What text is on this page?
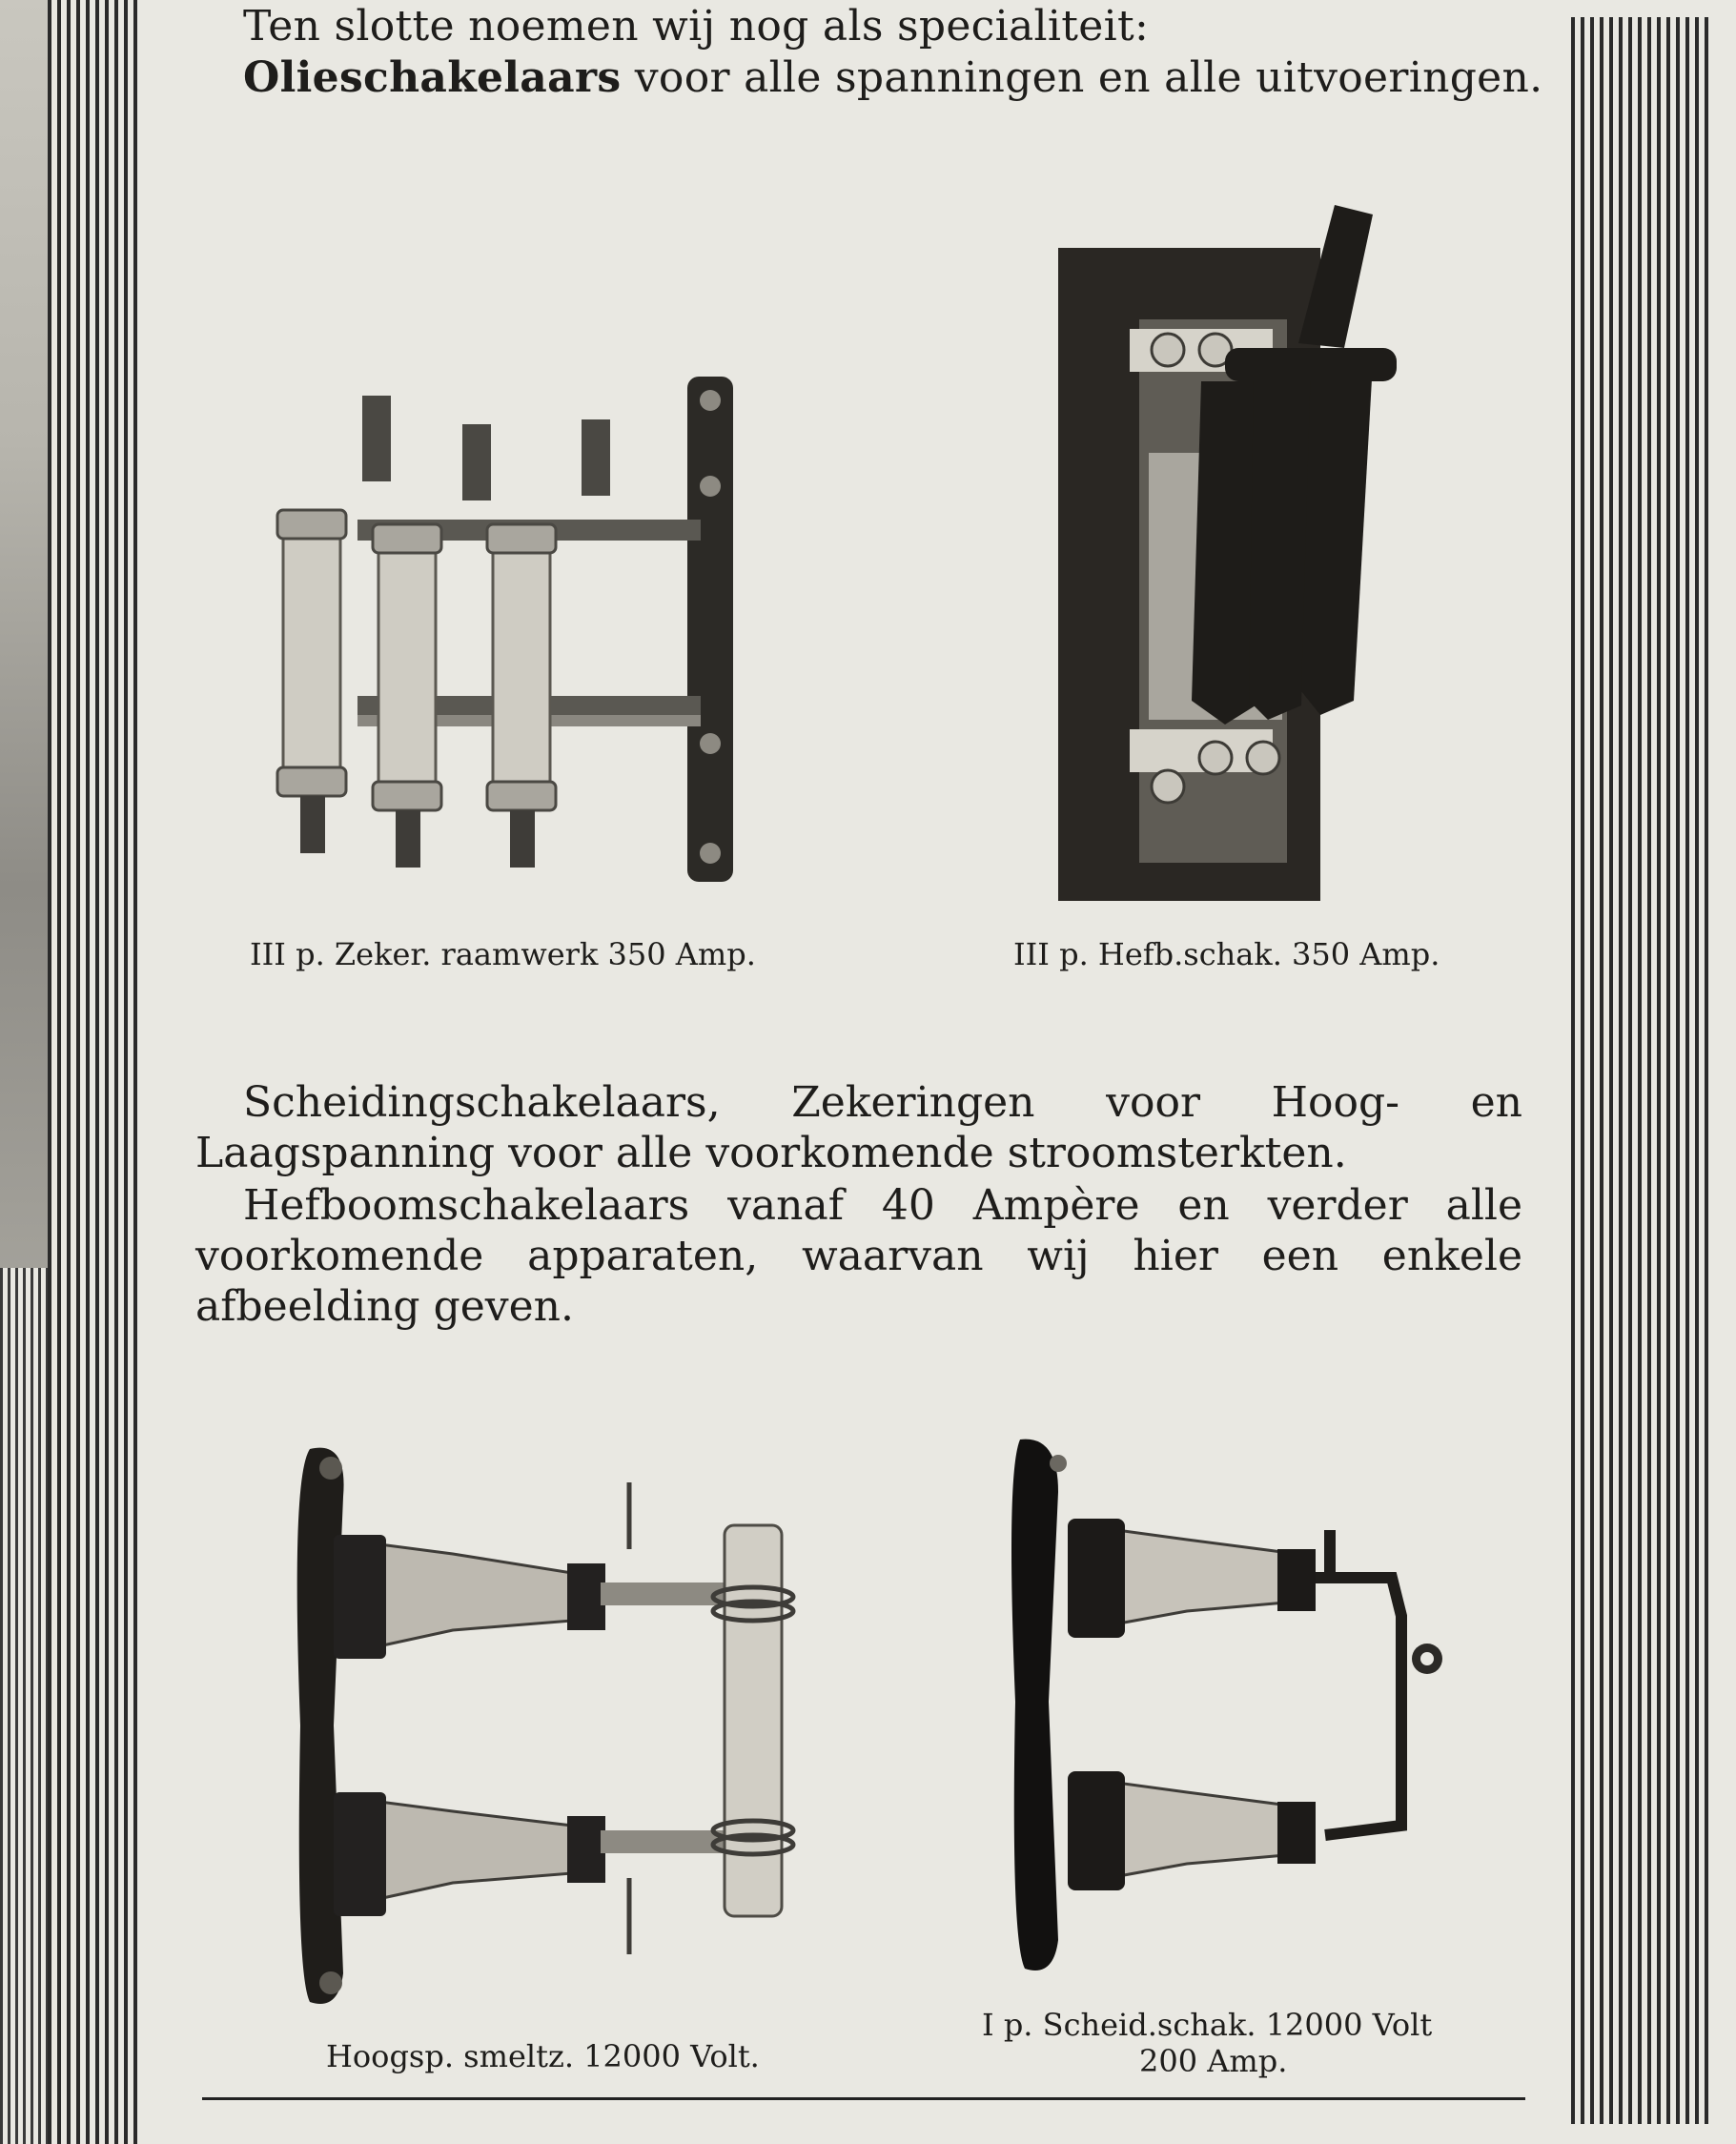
Ten slotte noemen wij nog als specialiteit:
Olieschakelaars voor alle spanningen en alle uitvoeringen.
III p. Zeker. raamwerk 350 Amp.	III p. Hefb.schak. 350 Amp.
Scheidingschakelaars, Zekeringen voor Hoog- en Laagspanning voor alle voorkomende stroomsterkten.
Hefboomschakelaars vanaf 40 Ampère en verder alle voorkomende apparaten, waarvan wij hier een enkele afbeelding geven.
Hoogsp. smeltz. 12000 Volt.
I p. Scheid.schak. 12000 Volt
200 Amp.
